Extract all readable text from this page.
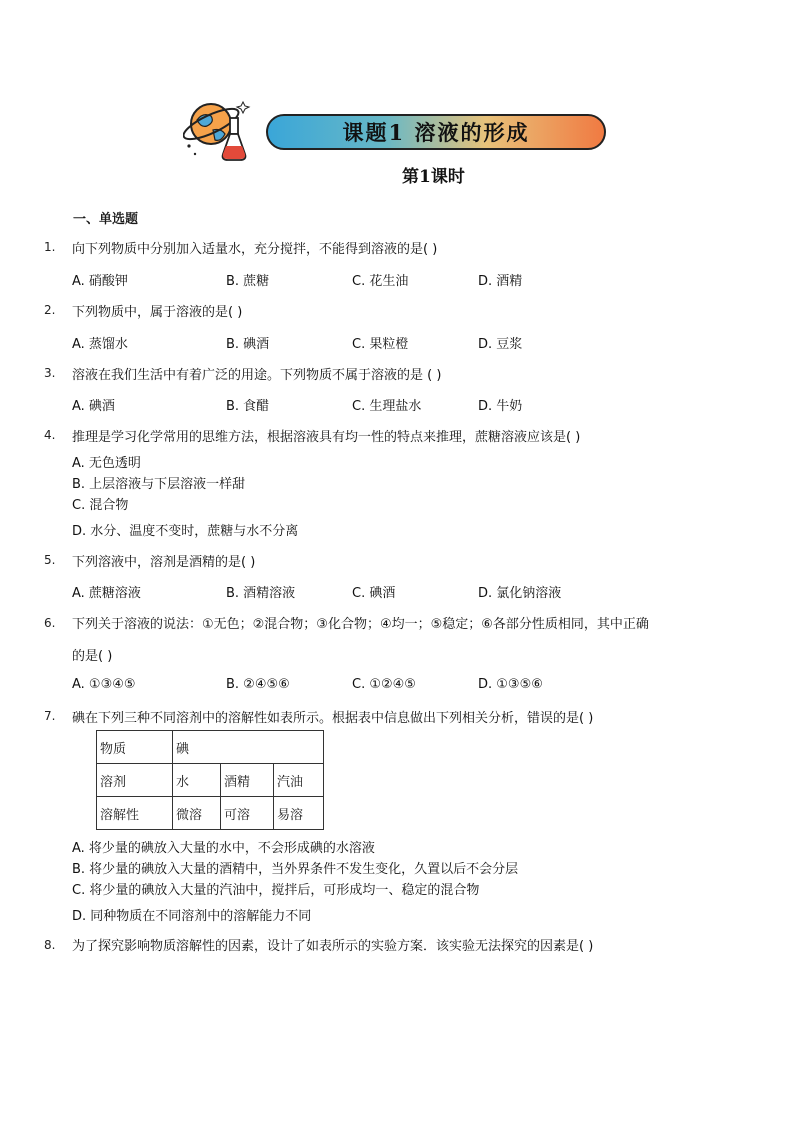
课题1 溶液的形成
第1课时
一、单选题
1. 向下列物质中分别加入适量水，充分搅拌，不能得到溶液的是( )
A. 硝酸钾	B. 蔗糖	C. 花生油	D. 酒精
2. 下列物质中，属于溶液的是( )
A. 蒸馏水	B. 碘酒	C. 果粒橙	D. 豆浆
3. 溶液在我们生活中有着广泛的用途。下列物质不属于溶液的是 ( )
A. 碘酒	B. 食醋	C. 生理盐水	D. 牛奶
4. 推理是学习化学常用的思维方法，根据溶液具有均一性的特点来推理，蔗糖溶液应该是( )
A. 无色透明
B. 上层溶液与下层溶液一样甜
C. 混合物
D. 水分、温度不变时，蔗糖与水不分离
5. 下列溶液中，溶剂是酒精的是( )
A. 蔗糖溶液	B. 酒精溶液	C. 碘酒	D. 氯化钠溶液
6. 下列关于溶液的说法：①无色；②混合物；③化合物；④均一；⑤稳定；⑥各部分性质相同，其中正确
的是( )
A. ①③④⑤	B. ②④⑤⑥	C. ①②④⑤	D. ①③⑤⑥
7. 碘在下列三种不同溶剂中的溶解性如表所示。根据表中信息做出下列相关分析，错误的是( )
物质	碘		
溶剂	水	酒精	汽油
溶解性	微溶	可溶	易溶
A. 将少量的碘放入大量的水中，不会形成碘的水溶液
B. 将少量的碘放入大量的酒精中，当外界条件不发生变化，久置以后不会分层
C. 将少量的碘放入大量的汽油中，搅拌后，可形成均一、稳定的混合物
D. 同种物质在不同溶剂中的溶解能力不同
8. 为了探究影响物质溶解性的因素，设计了如表所示的实验方案．该实验无法探究的因素是( )
